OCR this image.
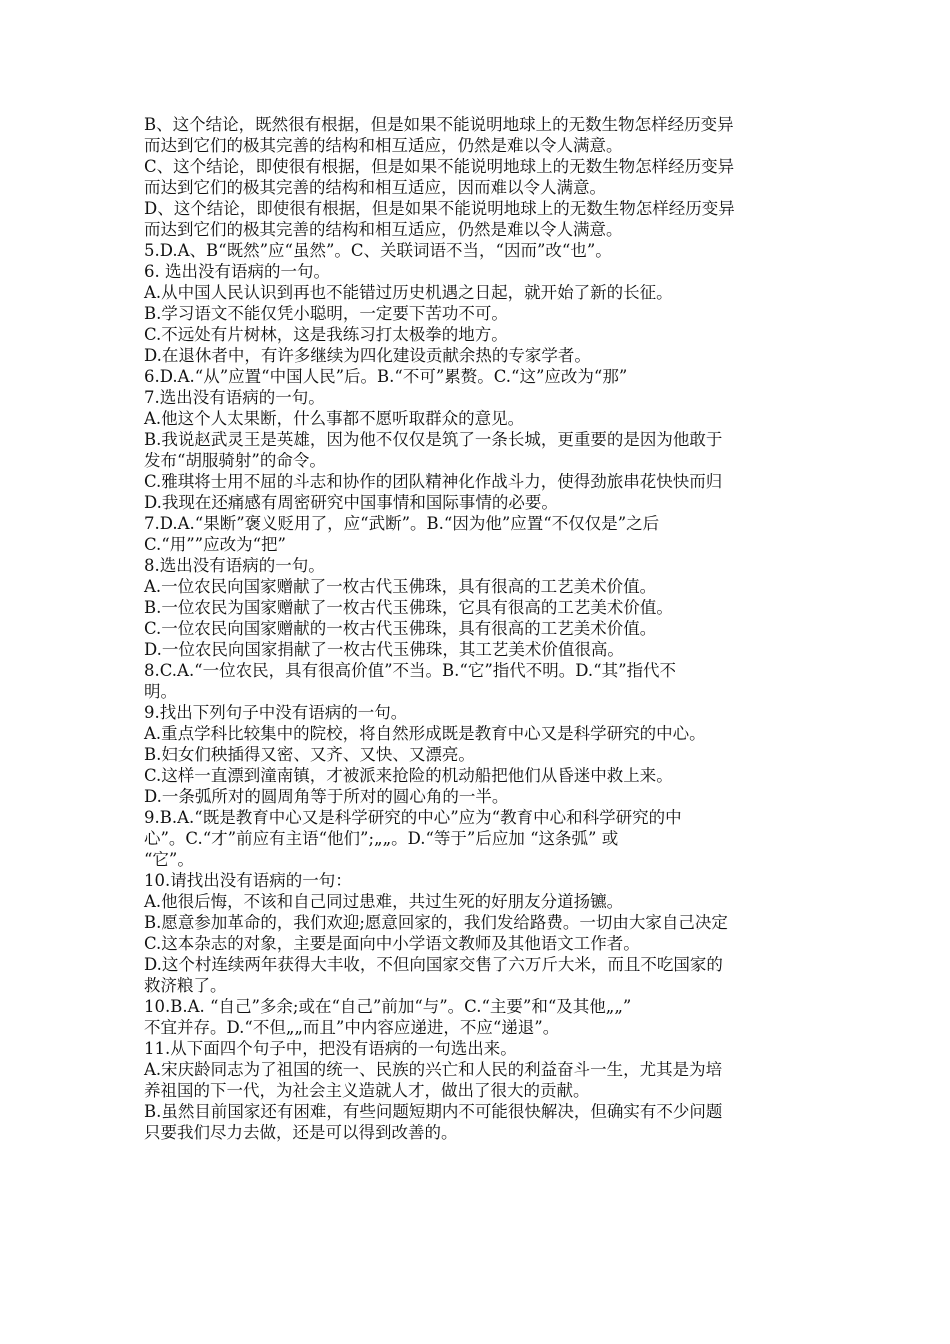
B、这个结论，既然很有根据，但是如果不能说明地球上的无数生物怎样经历变异
而达到它们的极其完善的结构和相互适应，仍然是难以令人满意。
C、这个结论，即使很有根据，但是如果不能说明地球上的无数生物怎样经历变异
而达到它们的极其完善的结构和相互适应，因而难以令人满意。
D、这个结论，即使很有根据，但是如果不能说明地球上的无数生物怎样经历变异
而达到它们的极其完善的结构和相互适应，仍然是难以令人满意。
5.D.A、B“既然”应“虽然”。C、关联词语不当，“因而”改“也”。
6. 选出没有语病的一句。
A.从中国人民认识到再也不能错过历史机遇之日起，就开始了新的长征。
B.学习语文不能仅凭小聪明，一定要下苦功不可。
C.不远处有片树林，这是我练习打太极拳的地方。
D.在退休者中，有许多继续为四化建设贡献余热的专家学者。
6.D.A.“从”应置“中国人民”后。B.“不可”累赘。C.“这”应改为“那”
7.选出没有语病的一句。
A.他这个人太果断，什么事都不愿听取群众的意见。
B.我说赵武灵王是英雄，因为他不仅仅是筑了一条长城，更重要的是因为他敢于
发布“胡服骑射”的命令。
C.雅琪将士用不屈的斗志和协作的团队精神化作战斗力，使得劲旅串花快快而归
D.我现在还痛感有周密研究中国事情和国际事情的必要。
7.D.A.“果断”褒义贬用了，应“武断”。B.“因为他”应置“不仅仅是”之后
C.“用””应改为“把”
8.选出没有语病的一句。
A.一位农民向国家赠献了一枚古代玉佛珠，具有很高的工艺美术价值。
B.一位农民为国家赠献了一枚古代玉佛珠，它具有很高的工艺美术价值。
C.一位农民向国家赠献的一枚古代玉佛珠，具有很高的工艺美术价值。
D.一位农民向国家捐献了一枚古代玉佛珠，其工艺美术价值很高。
8.C.A.“一位农民，具有很高价值”不当。B.“它”指代不明。D.“其”指代不
明。
9.找出下列句子中没有语病的一句。
A.重点学科比较集中的院校，将自然形成既是教育中心又是科学研究的中心。
B.妇女们秧插得又密、又齐、又快、又漂亮。
C.这样一直漂到潼南镇，才被派来抢险的机动船把他们从昏迷中救上来。
D.一条弧所对的圆周角等于所对的圆心角的一半。
9.B.A.“既是教育中心又是科学研究的中心”应为“教育中心和科学研究的中
心”。C.“才”前应有主语“他们”;„„。D.“等于”后应加 “这条弧” 或
“它”。
10.请找出没有语病的一句：
A.他很后悔，不该和自己同过患难，共过生死的好朋友分道扬镳。
B.愿意参加革命的，我们欢迎;愿意回家的，我们发给路费。一切由大家自己决定
C.这本杂志的对象，主要是面向中小学语文教师及其他语文工作者。
D.这个村连续两年获得大丰收，不但向国家交售了六万斤大米，而且不吃国家的
救济粮了。
10.B.A. “自己”多余;或在“自己”前加“与”。C.“主要”和“及其他„„”
不宜并存。D.“不但„„而且”中内容应递进，不应“递退”。
11.从下面四个句子中，把没有语病的一句选出来。
A.宋庆龄同志为了祖国的统一、民族的兴亡和人民的利益奋斗一生，尤其是为培
养祖国的下一代，为社会主义造就人才，做出了很大的贡献。
B.虽然目前国家还有困难，有些问题短期内不可能很快解决，但确实有不少问题
只要我们尽力去做，还是可以得到改善的。
